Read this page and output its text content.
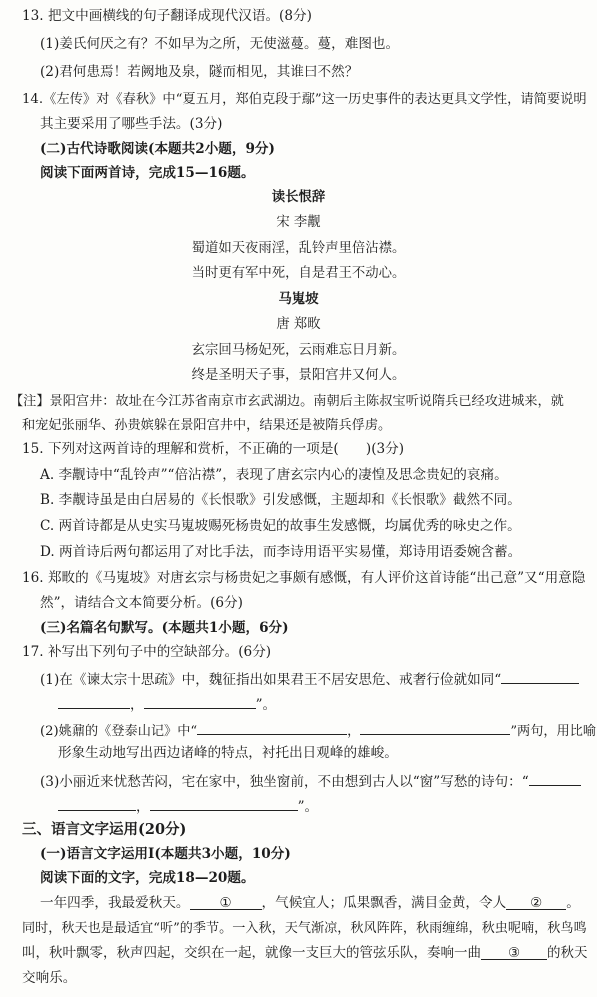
13. 把文中画横线的句子翻译成现代汉语。(8分)
(1)姜氏何厌之有？不如早为之所，无使滋蔓。蔓，难图也。
(2)君何患焉！若阙地及泉，隧而相见，其谁曰不然？
14.《左传》对《春秋》中“夏五月，郑伯克段于鄢”这一历史事件的表达更具文学性，请简要说明
其主要采用了哪些手法。(3分)
(二)古代诗歌阅读(本题共2小题，9分)
阅读下面两首诗，完成15—16题。
读长恨辞
宋 李觏
蜀道如天夜雨淫，乱铃声里倍沾襟。
当时更有军中死，自是君王不动心。
马嵬坡
唐 郑畋
玄宗回马杨妃死，云雨难忘日月新。
终是圣明天子事，景阳宫井又何人。
【注】景阳宫井：故址在今江苏省南京市玄武湖边。南朝后主陈叔宝听说隋兵已经攻进城来，就
和宠妃张丽华、孙贵嫔躲在景阳宫井中，结果还是被隋兵俘虏。
15. 下列对这两首诗的理解和赏析，不正确的一项是(　　)(3分)
A. 李觏诗中“乱铃声”“倍沾襟”，表现了唐玄宗内心的凄惶及思念贵妃的哀痛。
B. 李觏诗虽是由白居易的《长恨歌》引发感慨，主题却和《长恨歌》截然不同。
C. 两首诗都是从史实马嵬坡赐死杨贵妃的故事生发感慨，均属优秀的咏史之作。
D. 两首诗后两句都运用了对比手法，而李诗用语平实易懂，郑诗用语委婉含蓄。
16. 郑畋的《马嵬坡》对唐玄宗与杨贵妃之事颇有感慨，有人评价这首诗能“出己意”又“用意隐
然”，请结合文本简要分析。(6分)
(三)名篇名句默写。(本题共1小题，6分)
17. 补写出下列句子中的空缺部分。(6分)
(1)在《谏太宗十思疏》中，魏征指出如果君王不居安思危、戒奢行俭就如同“
，	”。
(2)姚鼐的《登泰山记》中“	，	”两句，用比喻
形象生动地写出西边诸峰的特点，衬托出日观峰的雄峻。
(3)小丽近来忧愁苦闷，宅在家中，独坐窗前，不由想到古人以“窗”写愁的诗句：“
，	”。
三、语言文字运用(20分)
(一)语言文字运用Ⅰ(本题共3小题，10分)
阅读下面的文字，完成18—20题。
一年四季，我最爱秋天。 ① ，气候宜人；瓜果飘香，满目金黄，令人 ② 。
同时，秋天也是最适宜“听”的季节。一入秋，天气渐凉，秋风阵阵，秋雨缠绵，秋虫呢喃，秋鸟鸣
叫，秋叶飘零，秋声四起，交织在一起，就像一支巨大的管弦乐队，奏响一曲 ③ 的秋天
交响乐。
